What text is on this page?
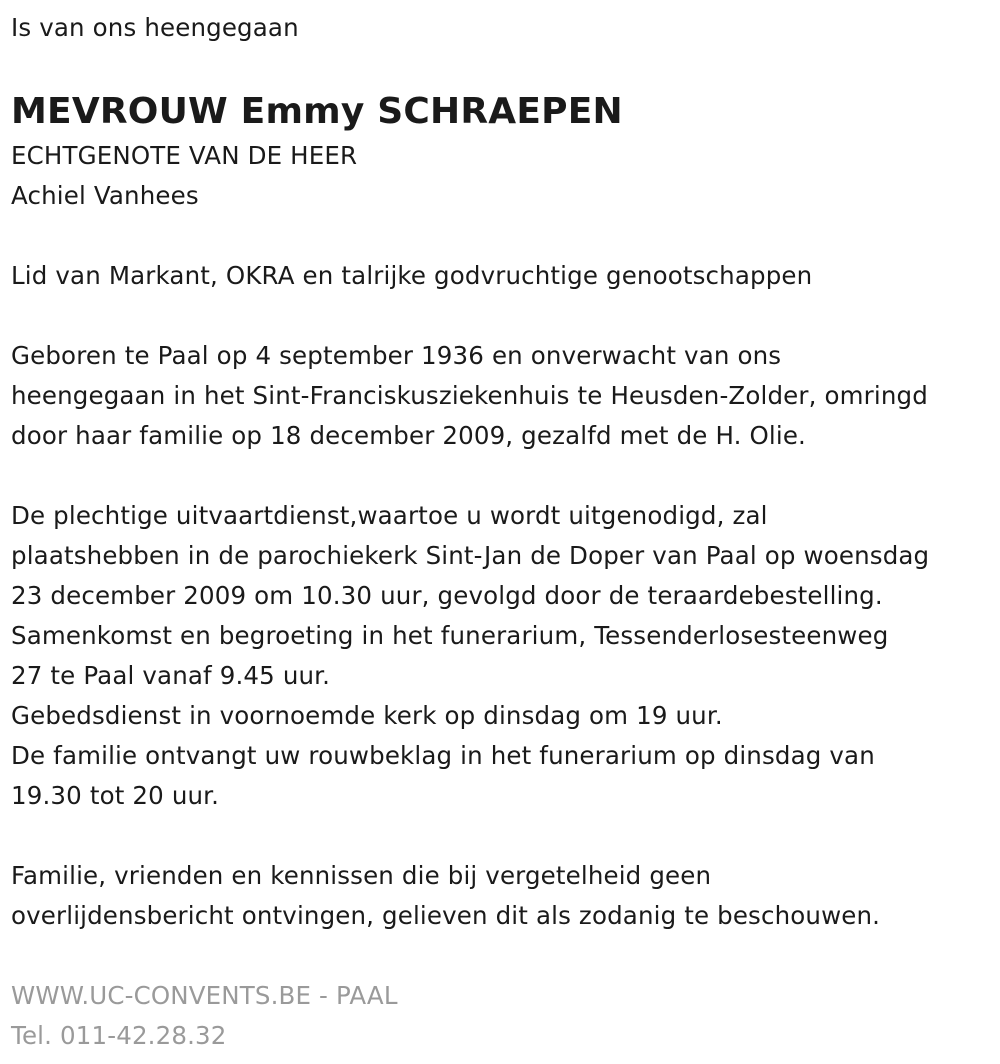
Is van ons heengegaan
MEVROUW Emmy SCHRAEPEN
ECHTGENOTE VAN DE HEER
Achiel Vanhees
Lid van Markant, OKRA en talrijke godvruchtige genootschappen
Geboren te Paal op 4 september 1936 en onverwacht van ons
heengegaan in het Sint-Franciskusziekenhuis te Heusden-Zolder, omringd
door haar familie op 18 december 2009, gezalfd met de H. Olie.
De plechtige uitvaartdienst,waartoe u wordt uitgenodigd, zal
plaatshebben in de parochiekerk Sint-Jan de Doper van Paal op woensdag
23 december 2009 om 10.30 uur, gevolgd door de teraardebestelling.
Samenkomst en begroeting in het funerarium, Tessenderlosesteenweg
27 te Paal vanaf 9.45 uur.
Gebedsdienst in voornoemde kerk op dinsdag om 19 uur.
De familie ontvangt uw rouwbeklag in het funerarium op dinsdag van
19.30 tot 20 uur.
Familie, vrienden en kennissen die bij vergetelheid geen
overlijdensbericht ontvingen, gelieven dit als zodanig te beschouwen.
WWW.UC-CONVENTS.BE - PAAL
Tel. 011-42.28.32
